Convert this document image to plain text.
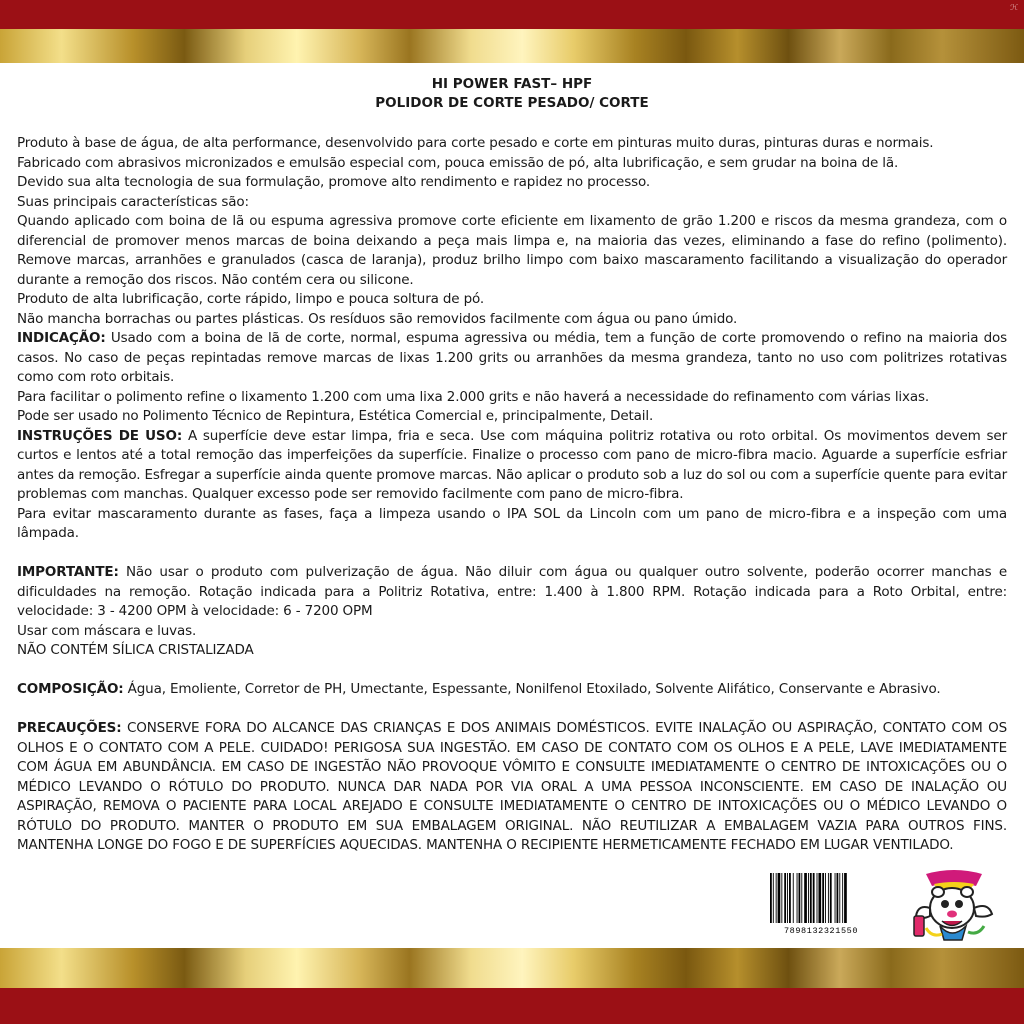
ℋ
HI POWER FAST– HPF
POLIDOR DE CORTE PESADO/ CORTE

Produto à base de água, de alta performance, desenvolvido para corte pesado e corte em pinturas muito duras, pinturas duras e normais.

Fabricado com abrasivos micronizados e emulsão especial com, pouca emissão de pó, alta lubrificação, e sem grudar na boina de lã.

Devido sua alta tecnologia de sua formulação, promove alto rendimento e rapidez no processo.

Suas principais características são:

Quando aplicado com boina de lã ou espuma agressiva promove corte eficiente em lixamento de grão 1.200 e riscos da mesma grandeza, com o diferencial de promover menos marcas de boina deixando a peça mais limpa e, na maioria das vezes, eliminando a fase do refino (polimento). Remove marcas, arranhões e granulados (casca de laranja), produz brilho limpo com baixo mascaramento facilitando a visualização do operador durante a remoção dos riscos. Não contém cera ou silicone.

Produto de alta lubrificação, corte rápido, limpo e pouca soltura de pó.

Não mancha borrachas ou partes plásticas. Os resíduos são removidos facilmente com água ou pano úmido.

INDICAÇÃO: Usado com a boina de lã de corte, normal, espuma agressiva ou média, tem a função de corte promovendo o refino na maioria dos casos. No caso de peças repintadas remove marcas de lixas 1.200 grits ou arranhões da mesma grandeza, tanto no uso com politrizes rotativas como com roto orbitais.

Para facilitar o polimento refine o lixamento 1.200 com uma lixa 2.000 grits e não haverá a necessidade do refinamento com várias lixas.

Pode ser usado no Polimento Técnico de Repintura, Estética Comercial e, principalmente, Detail.

INSTRUÇÕES DE USO: A superfície deve estar limpa, fria e seca. Use com máquina politriz rotativa ou roto orbital. Os movimentos devem ser curtos e lentos até a total remoção das imperfeições da superfície. Finalize o processo com pano de micro-fibra macio. Aguarde a superfície esfriar antes da remoção. Esfregar a superfície ainda quente promove marcas. Não aplicar o produto sob a luz do sol ou com a superfície quente para evitar problemas com manchas. Qualquer excesso pode ser removido facilmente com pano de micro-fibra.

Para evitar mascaramento durante as fases, faça a limpeza usando o IPA SOL da Lincoln com um pano de micro-fibra e a inspeção com uma lâmpada.

IMPORTANTE: Não usar o produto com pulverização de água. Não diluir com água ou qualquer outro solvente, poderão ocorrer manchas e dificuldades na remoção. Rotação indicada para a Politriz Rotativa, entre: 1.400 à 1.800 RPM. Rotação indicada para a Roto Orbital, entre: velocidade: 3 - 4200 OPM à velocidade: 6 - 7200 OPM

Usar com máscara e luvas.

NÃO CONTÉM SÍLICA CRISTALIZADA

COMPOSIÇÃO: Água, Emoliente, Corretor de PH, Umectante, Espessante, Nonilfenol Etoxilado, Solvente Alifático, Conservante e Abrasivo.

PRECAUÇÕES: CONSERVE FORA DO ALCANCE DAS CRIANÇAS E DOS ANIMAIS DOMÉSTICOS. EVITE INALAÇÃO OU ASPIRAÇÃO, CONTATO COM OS OLHOS E O CONTATO COM A PELE. CUIDADO! PERIGOSA SUA INGESTÃO. EM CASO DE CONTATO COM OS OLHOS E A PELE, LAVE IMEDIATAMENTE COM ÁGUA EM ABUNDÂNCIA. EM CASO DE INGESTÃO NÃO PROVOQUE VÔMITO E CONSULTE IMEDIATAMENTE O CENTRO DE INTOXICAÇÕES OU O MÉDICO LEVANDO O RÓTULO DO PRODUTO. NUNCA DAR NADA POR VIA ORAL A UMA PESSOA INCONSCIENTE. EM CASO DE INALAÇÃO OU ASPIRAÇÃO, REMOVA O PACIENTE PARA LOCAL AREJADO E CONSULTE IMEDIATAMENTE O CENTRO DE INTOXICAÇÕES OU O MÉDICO LEVANDO O RÓTULO DO PRODUTO. MANTER O PRODUTO EM SUA EMBALAGEM ORIGINAL. NÃO REUTILIZAR A EMBALAGEM VAZIA PARA OUTROS FINS. MANTENHA LONGE DO FOGO E DE SUPERFÍCIES AQUECIDAS. MANTENHA O RECIPIENTE HERMETICAMENTE FECHADO EM LUGAR VENTILADO.

7898132321550
